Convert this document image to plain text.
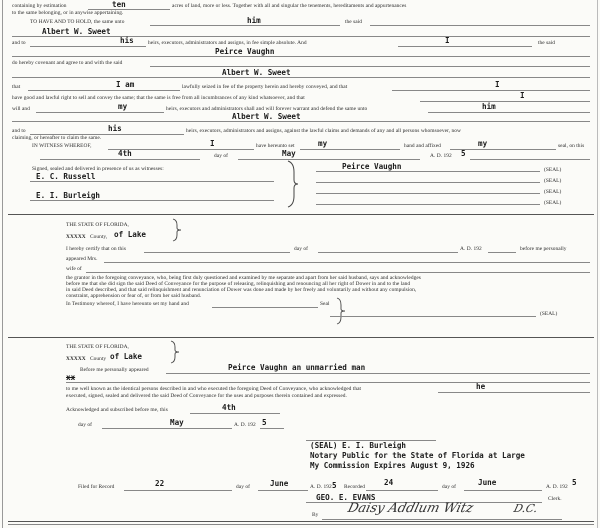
containing by estimation	ten	acres of land, more or less. Together with all and singular the tenements, hereditaments and appurtenances
to the same belonging, or in anywise appertaining.
TO HAVE AND TO HOLD, the same unto	him	the said
Albert W. Sweet
and to	his	heirs, executors, administrators and assigns, in fee simple absolute. And	I	the said
Peirce Vaughn
do hereby covenant and agree to and with the said
Albert W. Sweet
that	I am	lawfully seized in fee of the property herein and hereby conveyed, and that	I
have good and lawful right to sell and convey the same; that the same is free from all incumbrances of any kind whatsoever, and that	I
will and	my	heirs, executors and administrators shall and will forever warrant and defend the same unto	him
Albert W. Sweet
and to	his	heirs, executors, administrators and assigns, against the lawful claims and demands of any and all persons whomsoever, now
claiming, or hereafter to claim the same.
IN WITNESS WHEREOF,	I	have hereunto set	my	hand and affixed	my	seal, on this
4th	day of	May	A. D. 192 5
Signed, sealed and delivered in presence of us as witnesses:
E. C. Russell
E. I. Burleigh
Peirce Vaughn	(SEAL)
(SEAL)
(SEAL)
(SEAL)
THE STATE OF FLORIDA,
XXXXX County, of Lake
I hereby certify that on this	day of	A. D. 192	before me personally
appeared Mrs.
wife of
the grantor in the foregoing conveyance, who, being first duly questioned and examined by me separate and apart from her said husband, says and acknowledges
before me that she did sign the said Deed of Conveyance for the purpose of releasing, relinquishing and renouncing all her right of Dower in and to the land
in said Deed described, and that said relinquishment and renunciation of Dower was done and made by her freely and voluntarily and without any compulsion,
constraint, apprehension or fear of, or from her said husband.
In Testimony whereof, I have hereunto set my hand and	Seal
(SEAL)
THE STATE OF FLORIDA,
XXXXX County of Lake
Before me personally appeared	Peirce Vaughn an unmarried man
xx
to me well known as the identical persons described in and who executed the foregoing Deed of Conveyance, who acknowledged that	he
executed, signed, sealed and delivered the said Deed of Conveyance for the uses and purposes therein contained and expressed.
Acknowledged and subscribed before me, this	4th
day of	May	A. D. 192 5
(SEAL) E. I. Burleigh
Notary Public for the State of Florida at Large
My Commission Expires August 9, 1926
Filed for Record	22	day of	June	A. D. 192 5 Recorded 24	day of	June	A. D. 192 5
GEO. E. EVANS	Clerk.
By Daisy Addlum Witz	D.C.
